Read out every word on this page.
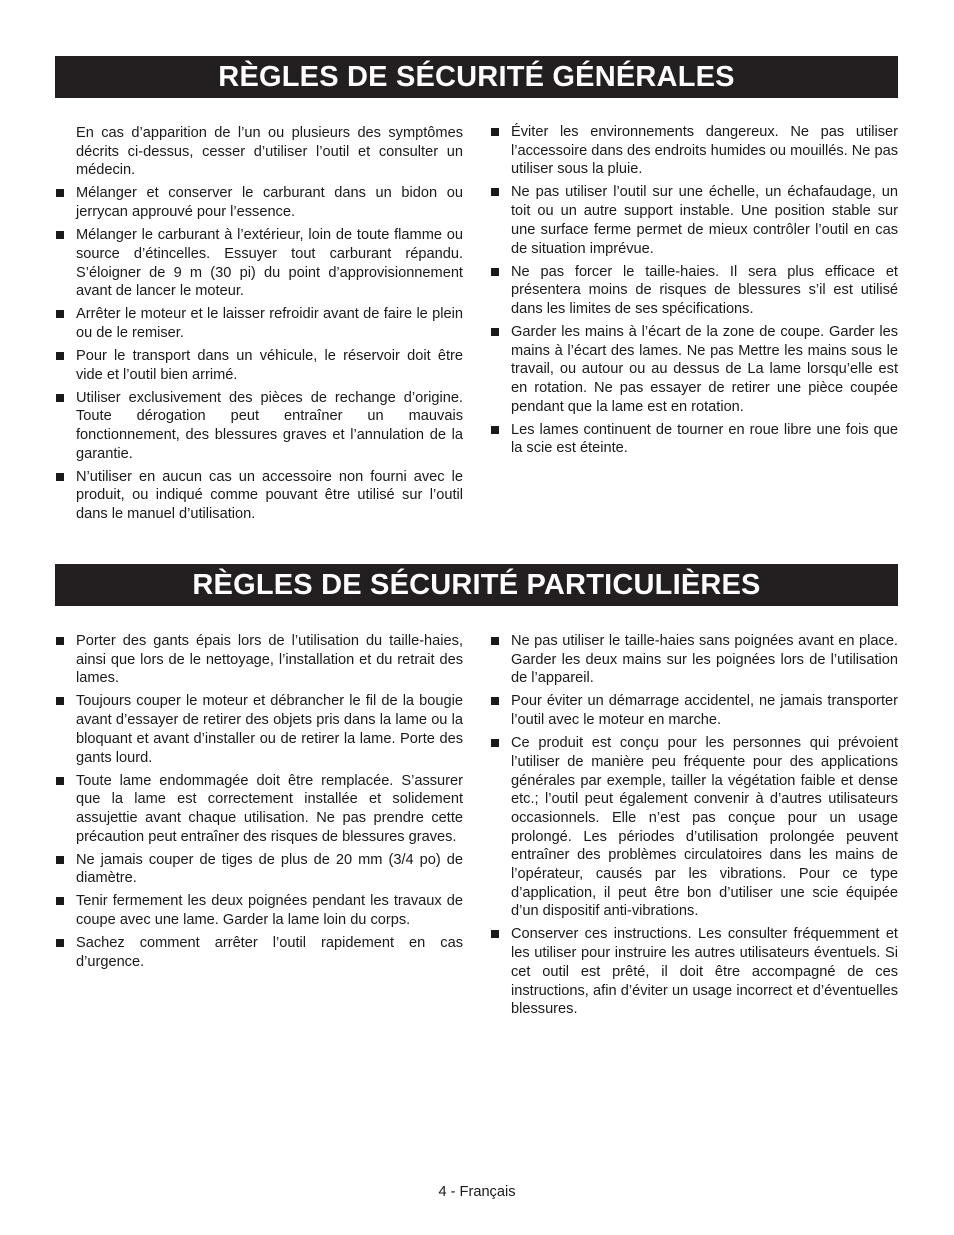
RÈGLES DE SÉCURITÉ GÉNÉRALES
En cas d’apparition de l’un ou plusieurs des symptômes décrits ci-dessus, cesser d’utiliser l’outil et consulter un médecin.
Mélanger et conserver le carburant dans un bidon ou jerrycan approuvé pour l’essence.
Mélanger le carburant à l’extérieur, loin de toute flamme ou source d’étincelles. Essuyer tout carburant répandu. S’éloigner de 9 m (30 pi) du point d’approvisionnement avant de lancer le moteur.
Arrêter le moteur et le laisser refroidir avant de faire le plein ou de le remiser.
Pour le transport dans un véhicule, le réservoir doit être vide et l’outil bien arrimé.
Utiliser exclusivement des pièces de rechange d’origine. Toute dérogation peut entraîner un mauvais fonctionnement, des blessures graves et l’annulation de la garantie.
N’utiliser en aucun cas un accessoire non fourni avec le produit, ou indiqué comme pouvant être utilisé sur l’outil dans le manuel d’utilisation.
Éviter les environnements dangereux. Ne pas utiliser l’accessoire dans des endroits humides ou mouillés. Ne pas utiliser sous la pluie.
Ne pas utiliser l’outil sur une échelle, un échafaudage, un toit ou un autre support instable. Une position stable sur une surface ferme permet de mieux contrôler l’outil en cas de situation imprévue.
Ne pas forcer le taille-haies. Il sera plus efficace et présentera moins de risques de blessures s’il est utilisé dans les limites de ses spécifications.
Garder les mains à l’écart de la zone de coupe. Garder les mains à l’écart des lames. Ne pas Mettre les mains sous le travail, ou autour ou au dessus de La lame lorsqu’elle est en rotation. Ne pas essayer de retirer une pièce coupée pendant que la lame est en rotation.
Les lames continuent de tourner en roue libre une fois que la scie est éteinte.
RÈGLES DE SÉCURITÉ PARTICULIÈRES
Porter des gants épais lors de l’utilisation du taille-haies, ainsi que lors de le nettoyage, l’installation et du retrait des lames.
Toujours couper le moteur et débrancher le fil de la bougie avant d’essayer de retirer des objets pris dans la lame ou la bloquant et avant d’installer ou de retirer la lame. Porte des gants lourd.
Toute lame endommagée doit être remplacée. S’assurer que la lame est correctement installée et solidement assujettie avant chaque utilisation. Ne pas prendre cette précaution peut entraîner des risques de blessures graves.
Ne jamais couper de tiges de plus de 20 mm (3/4 po) de diamètre.
Tenir fermement les deux poignées pendant les travaux de coupe avec une lame. Garder la lame loin du corps.
Sachez comment arrêter l’outil rapidement en cas d’urgence.
Ne pas utiliser le taille-haies sans poignées avant en place. Garder les deux mains sur les poignées lors de l’utilisation de l’appareil.
Pour éviter un démarrage accidentel, ne jamais transporter l’outil avec le moteur en marche.
Ce produit est conçu pour les personnes qui prévoient l’utiliser de manière peu fréquente pour des applications générales par exemple, tailler la végétation faible et dense etc.; l’outil peut également convenir à d’autres utilisateurs occasionnels. Elle n’est pas conçue pour un usage prolongé. Les périodes d’utilisation prolongée peuvent entraîner des problèmes circulatoires dans les mains de l’opérateur, causés par les vibrations. Pour ce type d’application, il peut être bon d’utiliser une scie équipée d’un dispositif anti-vibrations.
Conserver ces instructions. Les consulter fréquemment et les utiliser pour instruire les autres utilisateurs éventuels. Si cet outil est prêté, il doit être accompagné de ces instructions, afin d’éviter un usage incorrect et d’éventuelles blessures.
4 - Français
